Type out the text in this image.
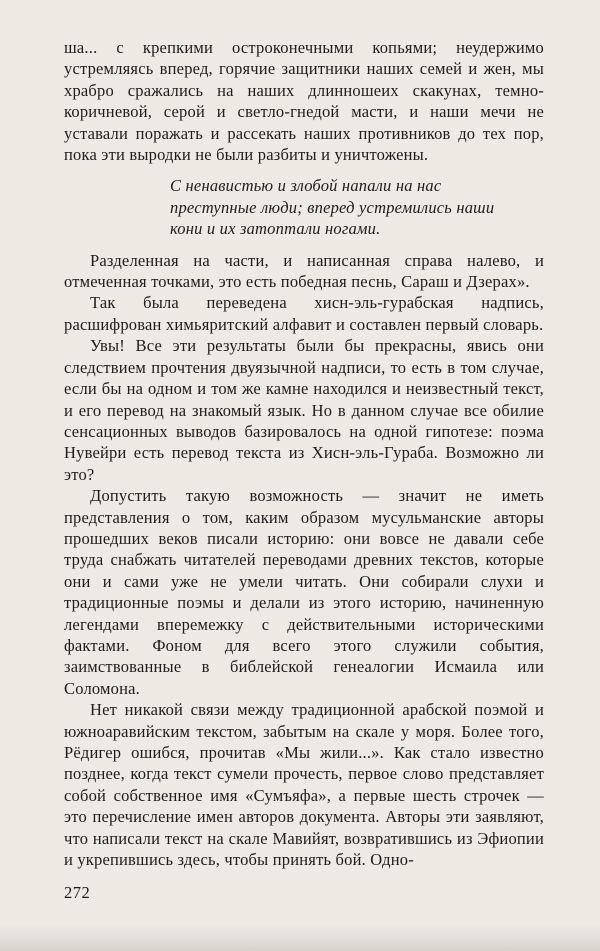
ша... с крепкими остроконечными копьями; неудержимо устремляясь вперед, горячие защитники наших семей и жен, мы храбро сражались на наших длинношеих скакунах, темно-коричневой, серой и светло-гнедой масти, и наши мечи не уставали поражать и рассекать наших противников до тех пор, пока эти выродки не были разбиты и уничтожены.

С ненавистью и злобой напали на нас преступные люди; вперед устремились наши кони и их затоптали ногами.

Разделенная на части, и написанная справа налево, и отмеченная точками, это есть победная песнь, Сараш и Дзерах».

Так была переведена хисн-эль-гурабская надпись, расшифрован химьяритский алфавит и составлен первый словарь.

Увы! Все эти результаты были бы прекрасны, явись они следствием прочтения двуязычной надписи, то есть в том случае, если бы на одном и том же камне находился и неизвестный текст, и его перевод на знакомый язык. Но в данном случае все обилие сенсационных выводов базировалось на одной гипотезе: поэма Нувейри есть перевод текста из Хисн-эль-Гураба. Возможно ли это?

Допустить такую возможность — значит не иметь представления о том, каким образом мусульманские авторы прошедших веков писали историю: они вовсе не давали себе труда снабжать читателей переводами древних текстов, которые они и сами уже не умели читать. Они собирали слухи и традиционные поэмы и делали из этого историю, начиненную легендами вперемежку с действительными историческими фактами. Фоном для всего этого служили события, заимствованные в библейской генеалогии Исмаила или Соломона.

Нет никакой связи между традиционной арабской поэмой и южноаравийским текстом, забытым на скале у моря. Более того, Рёдигер ошибся, прочитав «Мы жили...». Как стало известно позднее, когда текст сумели прочесть, первое слово представляет собой собственное имя «Сумъяфа», а первые шесть строчек — это перечисление имен авторов документа. Авторы эти заявляют, что написали текст на скале Мавийят, возвратившись из Эфиопии и укрепившись здесь, чтобы принять бой. Одно-

272
